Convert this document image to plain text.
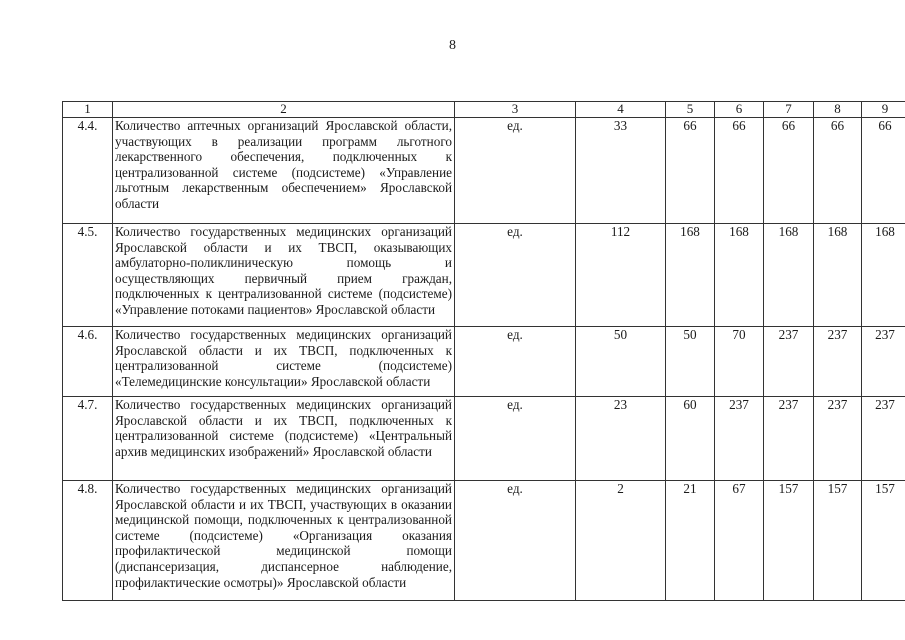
8
1	2	3	4	5	6	7	8	9
4.4.	Количество аптечных организаций Ярославской области, участвующих в реализации программ льготного лекарственного обеспечения, подключенных к централизованной системе (подсистеме) «Управление льготным лекарственным обеспечением» Ярославской области	ед.	33	66	66	66	66	66
4.5.	Количество государственных медицинских организаций Ярославской области и их ТВСП, оказывающих амбулаторно-поликлиническую помощь и осуществляющих первичный прием граждан, подключенных к централизованной системе (подсистеме) «Управление потоками пациентов» Ярославской области	ед.	112	168	168	168	168	168
4.6.	Количество государственных медицинских организаций Ярославской области и их ТВСП, подключенных к централизованной системе (подсистеме) «Телемедицинские консультации» Ярославской области	ед.	50	50	70	237	237	237
4.7.	Количество государственных медицинских организаций Ярославской области и их ТВСП, подключенных к централизованной системе (подсистеме) «Центральный архив медицинских изображений» Ярославской области	ед.	23	60	237	237	237	237
4.8.	Количество государственных медицинских организаций Ярославской области и их ТВСП, участвующих в оказании медицинской помощи, подключенных к централизованной системе (подсистеме) «Организация оказания профилактической медицинской помощи (диспансеризация, диспансерное наблюдение, профилактические осмотры)» Ярославской области	ед.	2	21	67	157	157	157
